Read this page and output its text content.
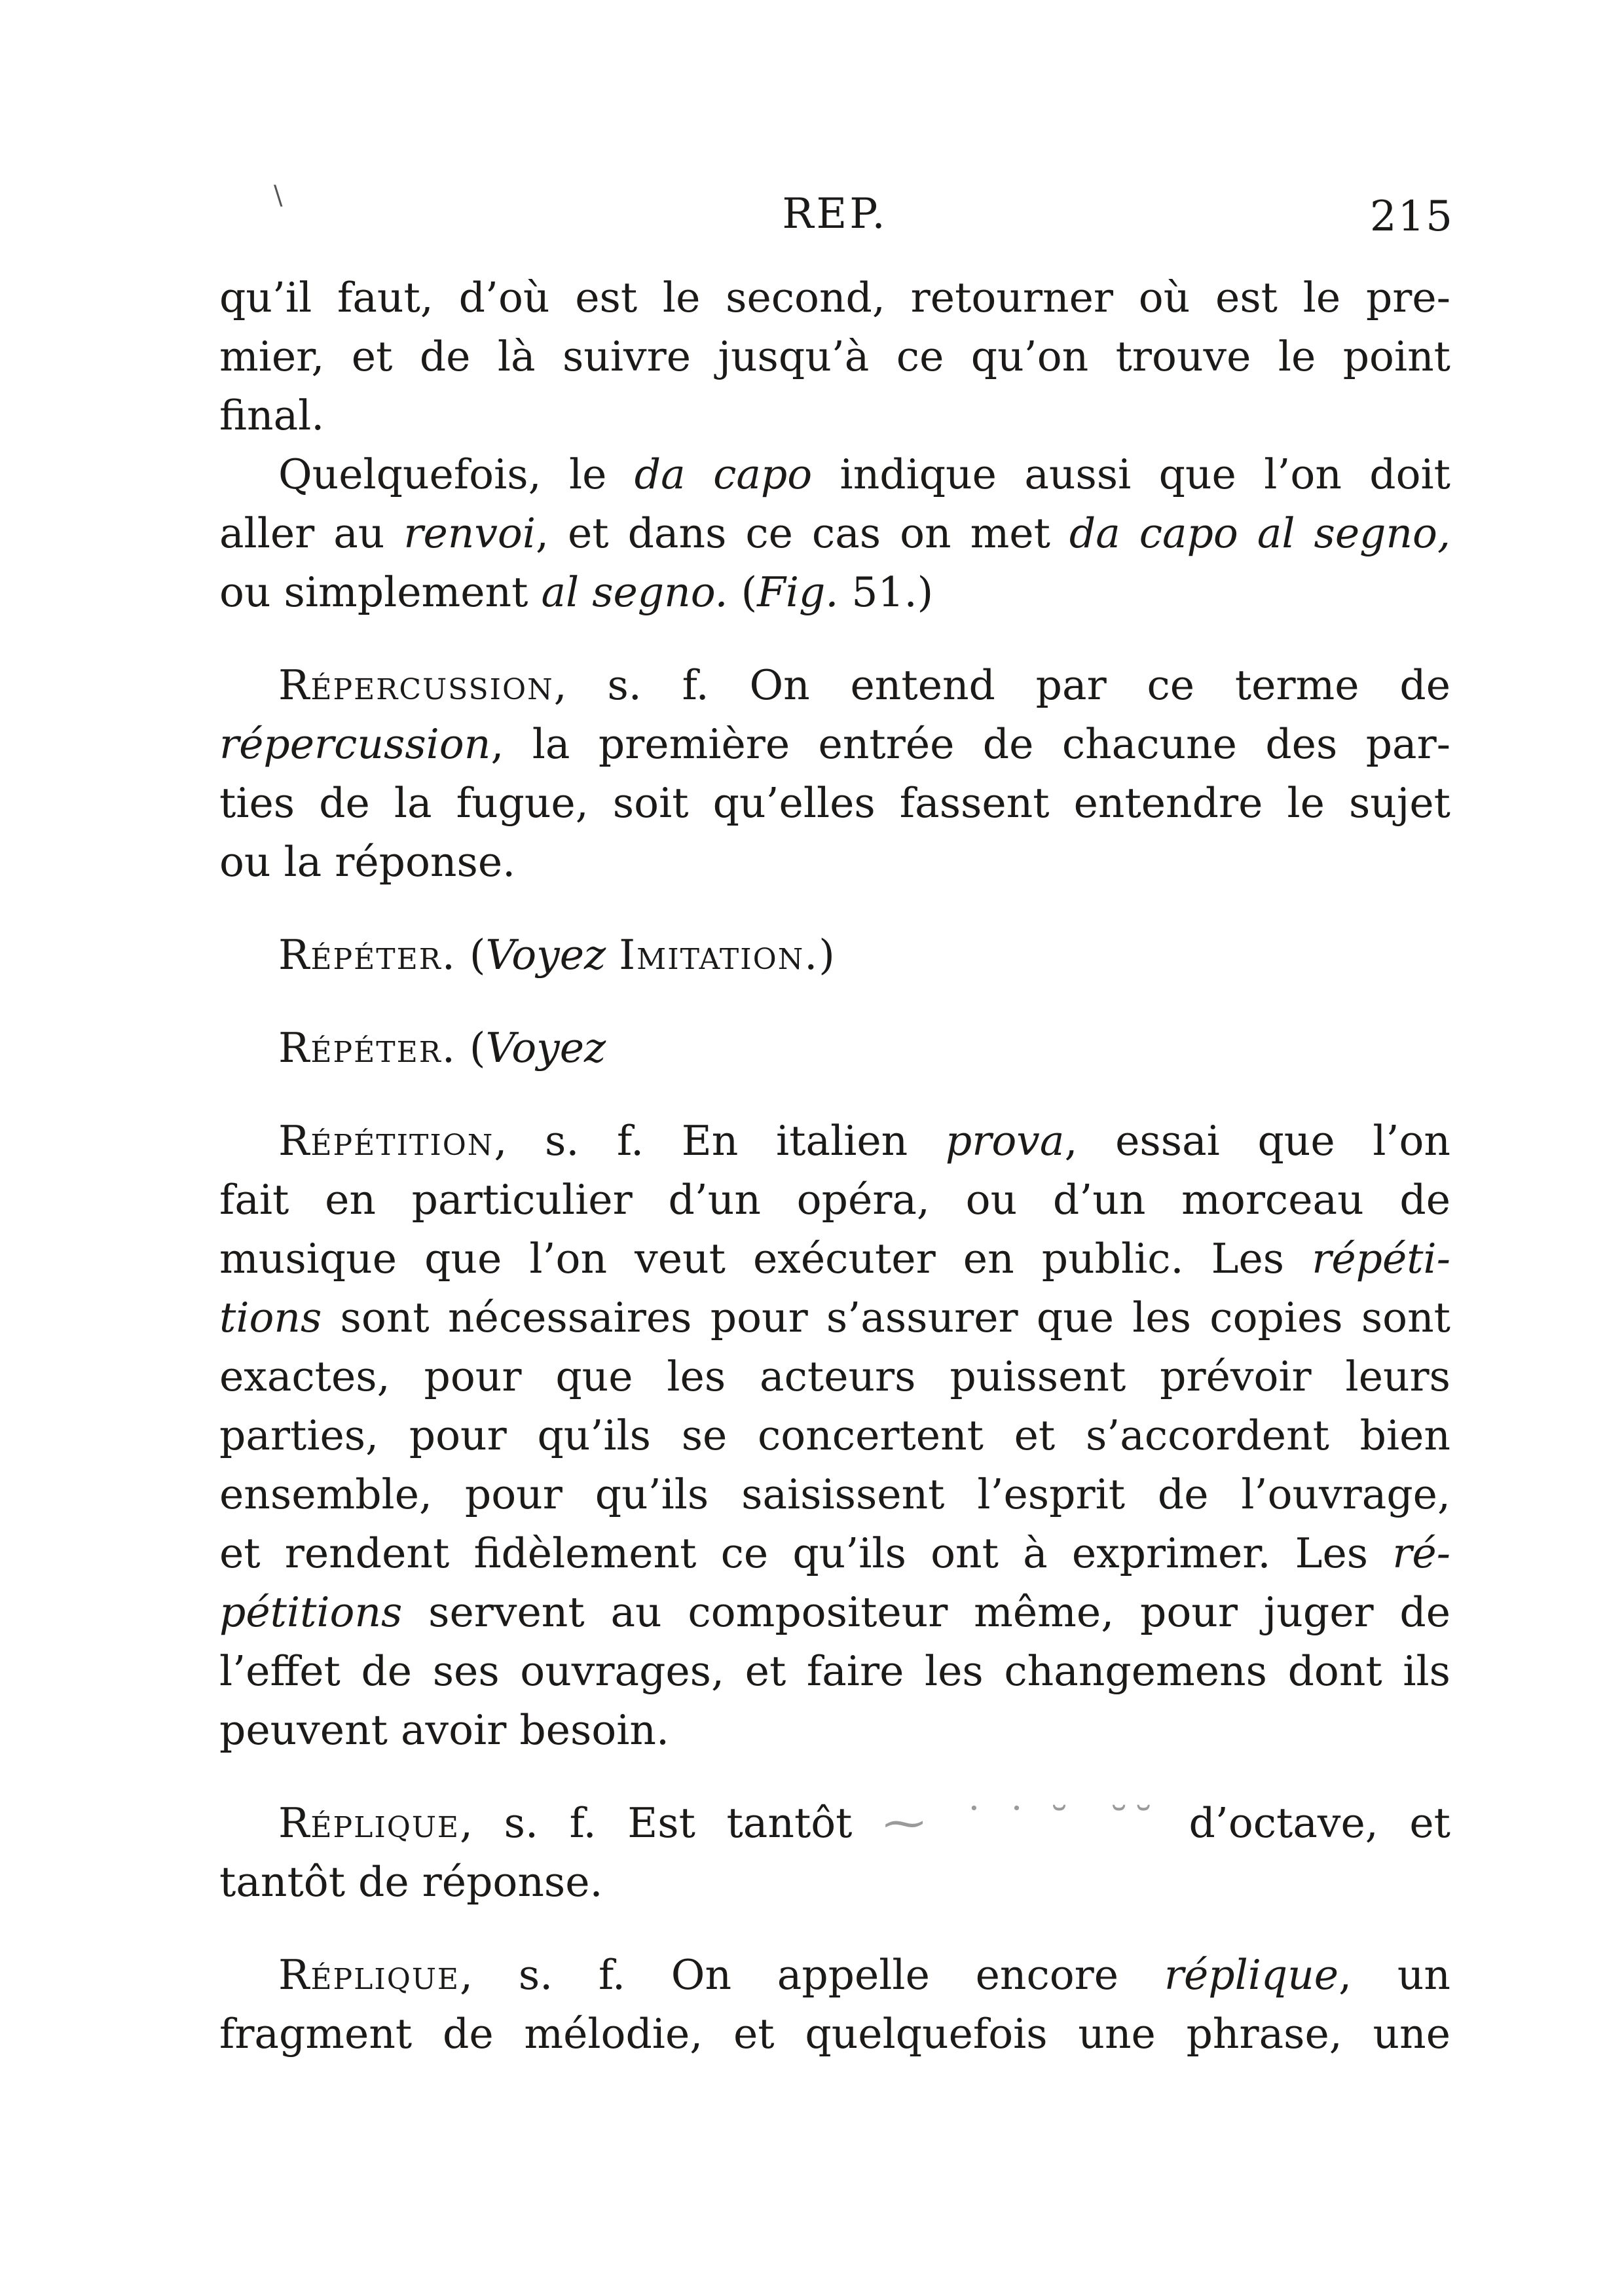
\	REP.	215
qu’il faut, d’où est le second, retourner où est le pre-
mier, et de là suivre jusqu’à ce qu’on trouve le point
final.
Quelquefois, le da capo indique aussi que l’on doit
aller au renvoi, et dans ce cas on met da capo al segno,
ou simplement al segno. (Fig. 51.)
Répercussion, s. f. On entend par ce terme de
répercussion, la première entrée de chacune des par-
ties de la fugue, soit qu’elles fassent entendre le sujet
ou la réponse.
Répéter. (Voyez Imitation.)
Répéter. (Voyez
Répétition, s. f. En italien prova, essai que l’on
fait en particulier d’un opéra, ou d’un morceau de
musique que l’on veut exécuter en public. Les répéti-
tions sont nécessaires pour s’assurer que les copies sont
exactes, pour que les acteurs puissent prévoir leurs
parties, pour qu’ils se concertent et s’accordent bien
ensemble, pour qu’ils saisissent l’esprit de l’ouvrage,
et rendent fidèlement ce qu’ils ont à exprimer. Les ré-
pétitions servent au compositeur même, pour juger de
l’effet de ses ouvrages, et faire les changemens dont ils
peuvent avoir besoin.
Réplique, s. f. Est tantôt ⁓ ˙˙˘ ˘˘ d’octave, et
tantôt de réponse.
Réplique, s. f. On appelle encore réplique, un
fragment de mélodie, et quelquefois une phrase, une
